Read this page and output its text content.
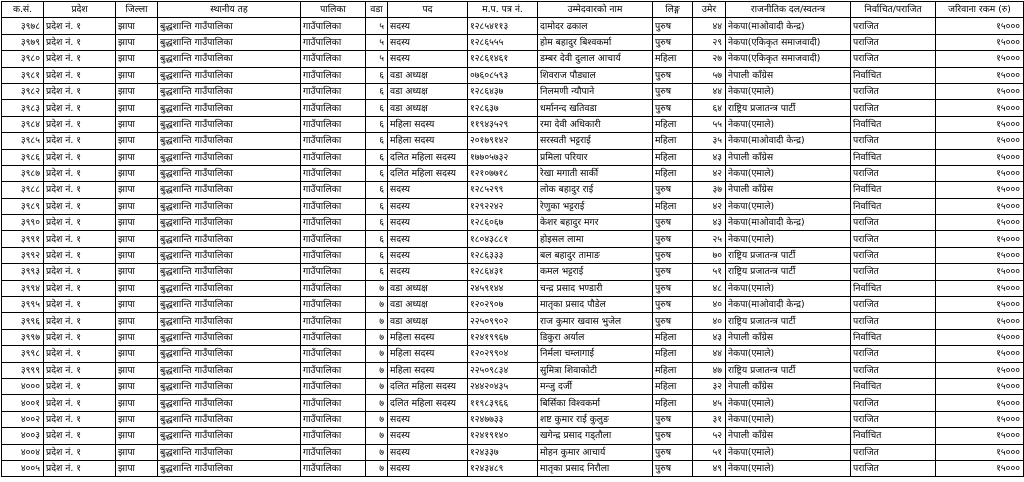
क.सं.	प्रदेश	जिल्ला	स्थानीय तह	पालिका	वडा	पद	म.प. पत्र नं.	उम्मेदवारको नाम	लिङ्ग	उमेर	राजनीतिक दल/स्वतन्त्र	निर्वाचित/पराजित	जरिवाना रकम (रु)
३९७८	प्रदेश नं. १	झापा	बुद्धशान्ति गाउँपालिका	गाउँपालिका	५	सदस्य	१२८५४११३	दामोदर ढकाल	पुरुष	४४	नेकपा(माओवादी केन्द्र)	पराजित	१५०००
३९७९	प्रदेश नं. १	झापा	बुद्धशान्ति गाउँपालिका	गाउँपालिका	५	सदस्य	१२८६५५५	होम बहादुर बिश्वकर्मा	पुरुष	२९	नेकपा(एकिकृत समाजवादी)	पराजित	१५०००
३९८०	प्रदेश नं. १	झापा	बुद्धशान्ति गाउँपालिका	गाउँपालिका	५	सदस्य	१२८६१४६१	डम्बर देवी दुलाल आचार्य	महिला	२७	नेकपा(एकिकृत समाजवादी)	पराजित	१५०००
३९८१	प्रदेश नं. १	झापा	बुद्धशान्ति गाउँपालिका	गाउँपालिका	६	वडा अध्यक्ष	०७६०८५९३	शिवराज पौड्याल	पुरुष	५७	नेपाली काँग्रेस	निर्वाचित	१५०००
३९८२	प्रदेश नं. १	झापा	बुद्धशान्ति गाउँपालिका	गाउँपालिका	६	वडा अध्यक्ष	१२८६४३७	निलमणी न्यौपाने	पुरुष	४४	नेकपा(एमाले)	पराजित	१५०००
३९८३	प्रदेश नं. १	झापा	बुद्धशान्ति गाउँपालिका	गाउँपालिका	६	वडा अध्यक्ष	१२८६३७	धर्मानन्द खतिवडा	पुरुष	६४	राष्ट्रिय प्रजातन्त्र पार्टी	पराजित	१५०००
३९८४	प्रदेश नं. १	झापा	बुद्धशान्ति गाउँपालिका	गाउँपालिका	६	महिला सदस्य	११९४३५२९	रमा देवी अधिकारी	महिला	५५	नेकपा(एमाले)	निर्वाचित	१५०००
३९८५	प्रदेश नं. १	झापा	बुद्धशान्ति गाउँपालिका	गाउँपालिका	६	महिला सदस्य	२०१७९१४२	सरस्वती भट्टराई	महिला	३५	नेकपा(माओवादी केन्द्र)	पराजित	१५०००
३९८६	प्रदेश नं. १	झापा	बुद्धशान्ति गाउँपालिका	गाउँपालिका	६	दलित महिला सदस्य	१७७०५७३२	प्रमिला परियार	महिला	४३	नेपाली काँग्रेस	निर्वाचित	१५०००
३९८७	प्रदेश नं. १	झापा	बुद्धशान्ति गाउँपालिका	गाउँपालिका	६	दलित महिला सदस्य	१२१०७७१८	रेखा मगाती सार्की	महिला	४२	नेकपा(एमाले)	पराजित	१५०००
३९८८	प्रदेश नं. १	झापा	बुद्धशान्ति गाउँपालिका	गाउँपालिका	६	सदस्य	१२८५२९९	लोक बहादुर राई	पुरुष	३७	नेपाली काँग्रेस	निर्वाचित	१५०००
३९८९	प्रदेश नं. १	झापा	बुद्धशान्ति गाउँपालिका	गाउँपालिका	६	सदस्य	१२९२२४२	रेणुका भट्टराई	महिला	४२	नेकपा(एमाले)	निर्वाचित	१५०००
३९९०	प्रदेश नं. १	झापा	बुद्धशान्ति गाउँपालिका	गाउँपालिका	६	सदस्य	१२८६०६७	केशर बहादुर मगर	पुरुष	४३	नेकपा(माओवादी केन्द्र)	पराजित	१५०००
३९९१	प्रदेश नं. १	झापा	बुद्धशान्ति गाउँपालिका	गाउँपालिका	६	सदस्य	१८०४३८८१	होइसल लामा	पुरुष	२५	नेकपा(एमाले)	पराजित	१५०००
३९९२	प्रदेश नं. १	झापा	बुद्धशान्ति गाउँपालिका	गाउँपालिका	६	सदस्य	१२८६३३३	बल बहादुर तामाङ	पुरुष	७०	राष्ट्रिय प्रजातन्त्र पार्टी	पराजित	१५०००
३९९३	प्रदेश नं. १	झापा	बुद्धशान्ति गाउँपालिका	गाउँपालिका	६	सदस्य	१२८६४३१	कमल भट्टराई	पुरुष	५१	राष्ट्रिय प्रजातन्त्र पार्टी	पराजित	१५०००
३९९४	प्रदेश नं. १	झापा	बुद्धशान्ति गाउँपालिका	गाउँपालिका	७	वडा अध्यक्ष	२४५९१४४	चन्द्र प्रसाद भण्डारी	पुरुष	४८	नेकपा(एमाले)	निर्वाचित	१५०००
३९९५	प्रदेश नं. १	झापा	बुद्धशान्ति गाउँपालिका	गाउँपालिका	७	वडा अध्यक्ष	१२०२९०७	मातृका प्रसाद पौडेल	पुरुष	४०	नेकपा(माओवादी केन्द्र)	पराजित	१५०००
३९९६	प्रदेश नं. १	झापा	बुद्धशान्ति गाउँपालिका	गाउँपालिका	७	वडा अध्यक्ष	२२५०९९०२	राज कुमार खवास भुजेल	पुरुष	४०	राष्ट्रिय प्रजातन्त्र पार्टी	पराजित	१५०००
३९९७	प्रदेश नं. १	झापा	बुद्धशान्ति गाउँपालिका	गाउँपालिका	७	महिला सदस्य	१२४१९९६७	डिकुरा अर्याल	महिला	४३	नेपाली काँग्रेस	निर्वाचित	१५०००
३९९८	प्रदेश नं. १	झापा	बुद्धशान्ति गाउँपालिका	गाउँपालिका	७	महिला सदस्य	१२०२९९०४	निर्मला चम्लागाई	महिला	४४	नेकपा(एमाले)	पराजित	१५०००
३९९९	प्रदेश नं. १	झापा	बुद्धशान्ति गाउँपालिका	गाउँपालिका	७	महिला सदस्य	२२५०९८३४	सुमित्रा शिवाकोटी	महिला	४७	राष्ट्रिय प्रजातन्त्र पार्टी	पराजित	१५०००
४०००	प्रदेश नं. १	झापा	बुद्धशान्ति गाउँपालिका	गाउँपालिका	७	दलित महिला सदस्य	२४४२०४३५	मन्जु दर्जी	महिला	३२	नेपाली काँग्रेस	निर्वाचित	१५०००
४००१	प्रदेश नं. १	झापा	बुद्धशान्ति गाउँपालिका	गाउँपालिका	७	दलित महिला सदस्य	११९८३९६६	बिर्सिका विश्वकर्मा	महिला	४५	नेकपा(एमाले)	पराजित	१५०००
४००२	प्रदेश नं. १	झापा	बुद्धशान्ति गाउँपालिका	गाउँपालिका	७	सदस्य	१२४७७३३	शष्ट कुमार राई कुलुङ	पुरुष	३१	नेकपा(एमाले)	पराजित	१५०००
४००३	प्रदेश नं. १	झापा	बुद्धशान्ति गाउँपालिका	गाउँपालिका	७	सदस्य	१२४१९१४०	खगेन्द्र प्रसाद गड्तौला	पुरुष	५२	नेपाली काँग्रेस	निर्वाचित	१५०००
४००४	प्रदेश नं. १	झापा	बुद्धशान्ति गाउँपालिका	गाउँपालिका	७	सदस्य	१२४३३७	मोहन कुमार आचार्य	पुरुष	५१	नेकपा(एमाले)	पराजित	१५०००
४००५	प्रदेश नं. १	झापा	बुद्धशान्ति गाउँपालिका	गाउँपालिका	७	सदस्य	१२४३४८९	मातृका प्रसाद निरौला	पुरुष	४९	नेकपा(एमाले)	पराजित	१५०००
